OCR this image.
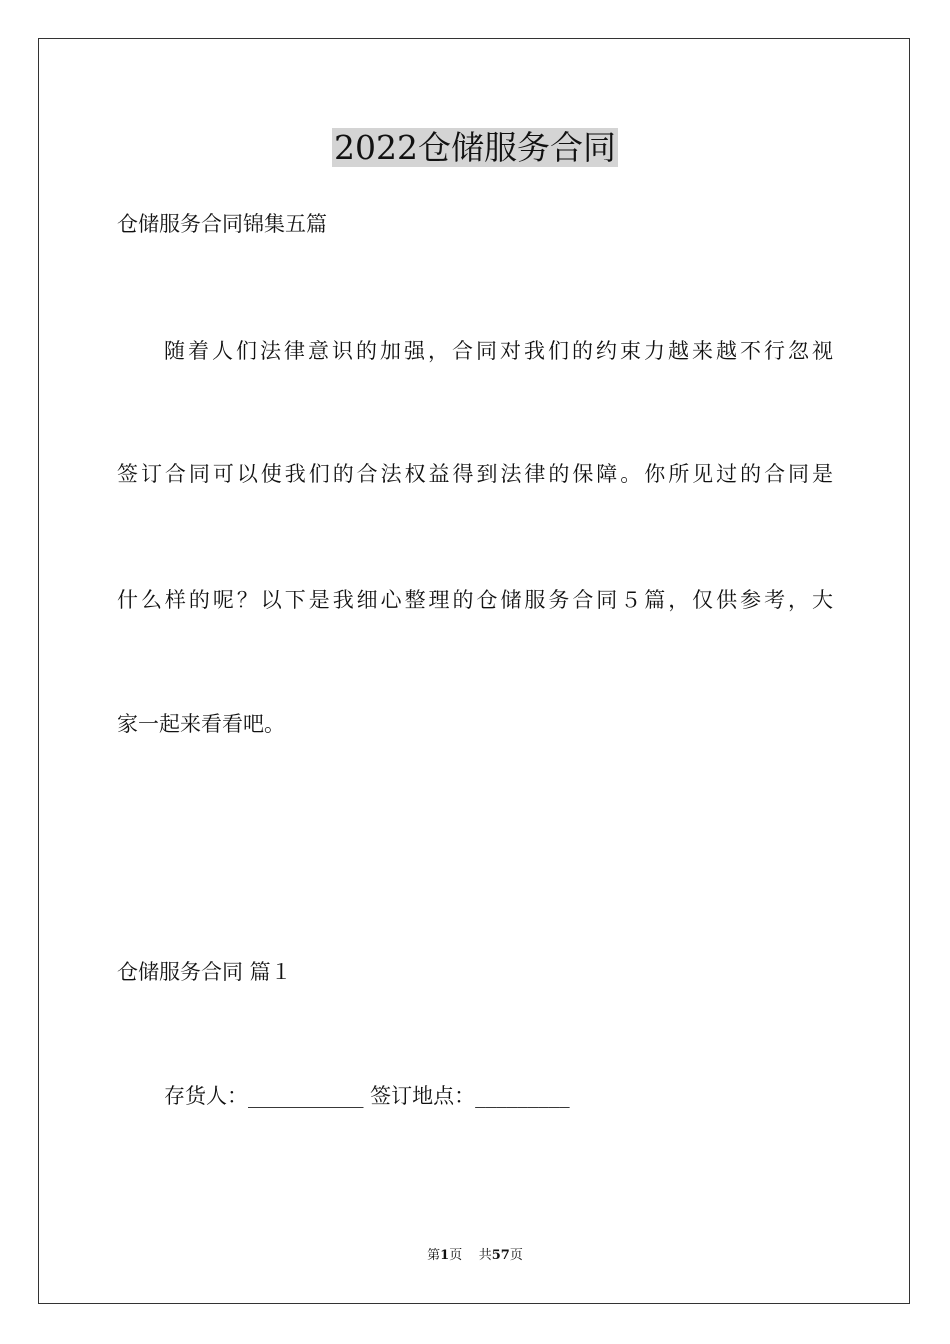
2022仓储服务合同
仓储服务合同锦集五篇
随着人们法律意识的加强，合同对我们的约束力越来越不行忽视
签订合同可以使我们的合法权益得到法律的保障。你所见过的合同是
什么样的呢？以下是我细心整理的仓储服务合同５篇，仅供参考，大
家一起来看看吧。
仓储服务合同 篇１
存货人：___________ 签订地点：_________
第1页 共57页
